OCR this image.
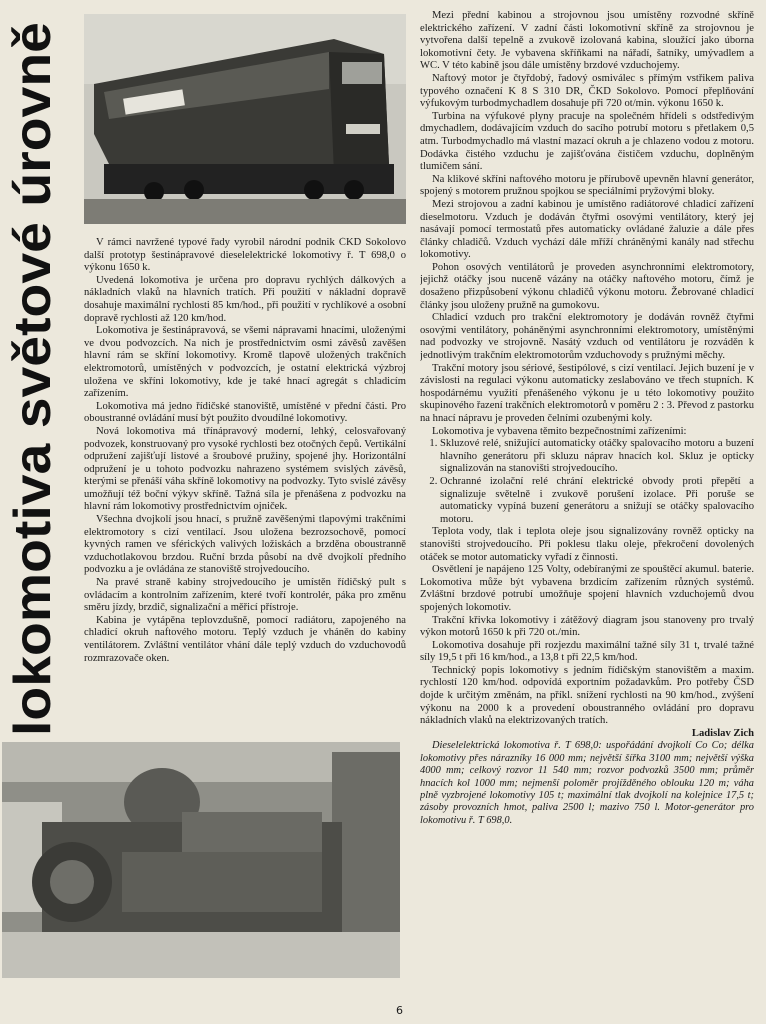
lokomotiva světové úrovně	V rámci navržené typové řady vyrobil národní podnik ČKD Sokolovo další prototyp šestinápravové dieselelektrické lokomotivy ř. T 698,0 o výkonu 1650 k.

Uvedená lokomotiva je určena pro dopravu rychlých dálkových a nákladních vlaků na hlavních tratích. Při použití v nákladní dopravě dosahuje maximální rychlosti 85 km/hod., při použití v rychlíkové a osobní dopravě rychlosti až 120 km/hod.

Lokomotiva je šestinápravová, se všemi nápravami hnacími, uloženými ve dvou podvozcích. Na nich je prostřednictvím osmi závěsů zavěšen hlavní rám se skříní lokomotivy. Kromě tlapově uložených trakčních elektromotorů, umístěných v podvozcích, je ostatní elektrická výzbroj uložena ve skříni lokomotivy, kde je také hnací agregát s chladicím zařízením.

Lokomotiva má jedno řídičské stanoviště, umístěné v přední části. Pro oboustranné ovládání musí být použito dvoudílné lokomotivy.

Nová lokomotiva má třínápravový moderní, lehký, celosvařovaný podvozek, konstruovaný pro vysoké rychlosti bez otočných čepů. Vertikální odpružení zajišťují listové a šroubové pružiny, spojené jhy. Horizontální odpružení je u tohoto podvozku nahrazeno systémem svislých závěsů, kterými se přenáší váha skříně lokomotivy na podvozky. Tyto svislé závěsy umožňují též boční výkyv skříně. Tažná síla je přenášena z podvozku na hlavní rám lokomotivy prostřednictvím ojniček.

Všechna dvojkolí jsou hnací, s pružně zavěšenými tlapovými trakčními elektromotory s cizí ventilací. Jsou uložena bezrozsochově, pomocí kyvných ramen ve sférických valivých ložiskách a brzděna oboustranně vzduchotlakovou brzdou. Ruční brzda působí na dvě dvojkolí předního podvozku a je ovládána ze stanoviště strojvedoucího.

Na pravé straně kabiny strojvedoucího je umístěn řídičský pult s ovládacím a kontrolním zařízením, které tvoří kontrolér, páka pro změnu směru jízdy, brzdič, signalizační a měřicí přístroje.

Kabina je vytápěna teplovzdušně, pomocí radiátoru, zapojeného na chladicí okruh naftového motoru. Teplý vzduch je vháněn do kabiny ventilátorem. Zvláštní ventilátor vhání dále teplý vzduch do vzduchovodů rozmrazovače oken.

Mezi přední kabinou a strojovnou jsou umístěny rozvodné skříně elektrického zařízení. V zadní části lokomotivní skříně za strojovnou je vytvořena další tepelně a zvukově izolovaná kabina, sloužící jako úborna lokomotivní čety. Je vybavena skříňkami na nářadí, šatníky, umývadlem a WC. V této kabině jsou dále umístěny brzdové vzduchojemy.

Naftový motor je čtyřdobý, řadový osmiválec s přímým vstřikem paliva typového označení K 8 S 310 DR, ČKD Sokolovo. Pomocí přeplňování výfukovým turbodmychadlem dosahuje při 720 ot/min. výkonu 1650 k.

Turbina na výfukové plyny pracuje na společném hřídeli s odstředivým dmychadlem, dodávajícím vzduch do sacího potrubí motoru s přetlakem 0,5 atm. Turbodmychadlo má vlastní mazací okruh a je chlazeno vodou z motoru. Dodávka čistého vzduchu je zajišťována čističem vzduchu, doplněným tlumičem sání.

Na klikové skříni naftového motoru je přírubově upevněn hlavní generátor, spojený s motorem pružnou spojkou se speciálními pryžovými bloky.

Mezi strojovou a zadní kabinou je umístěno radiátorové chladicí zařízení dieselmotoru. Vzduch je dodáván čtyřmi osovými ventilátory, který jej nasávají pomocí termostatů přes automaticky ovládané žaluzie a dále přes články chladičů. Vzduch vychází dále mříží chráněnými kanály nad střechu lokomotivy.

Pohon osových ventilátorů je proveden asynchronními elektromotory, jejichž otáčky jsou nuceně vázány na otáčky naftového motoru, čímž je dosaženo přizpůsobení výkonu chladičů výkonu motoru. Žebrované chladicí články jsou uloženy pružně na gumokovu.

Chladicí vzduch pro trakční elektromotory je dodáván rovněž čtyřmi osovými ventilátory, poháněnými asynchronními elektromotory, umístěnými nad podvozky ve strojovně. Nasátý vzduch od ventilátoru je rozváděn k jednotlivým trakčním elektromotorům vzduchovody s pružnými měchy.

Trakční motory jsou sériové, šestipólové, s cizí ventilací. Jejich buzení je v závislosti na regulaci výkonu automaticky zeslabováno ve třech stupních. K hospodárnému využití přenášeného výkonu je u této lokomotivy použito skupinového řazení trakčních elektromotorů v poměru 2 : 3. Převod z pastorku na hnací nápravu je proveden čelními ozubenými koly.

Lokomotiva je vybavena těmito bezpečnostními zařízeními:

1. Skluzové relé, snižující automaticky otáčky spalovacího motoru a buzení hlavního generátoru při skluzu náprav hnacích kol. Skluz je opticky signalizován na stanovišti strojvedoucího.
2. Ochranné izolační relé chrání elektrické obvody proti přepětí a signalizuje světelně i zvukově porušení izolace. Při poruše se automaticky vypíná buzení generátoru a snižují se otáčky spalovacího motoru.

Teplota vody, tlak i teplota oleje jsou signalizovány rovněž opticky na stanovišti strojvedoucího. Při poklesu tlaku oleje, překročení dovolených otáček se motor automaticky vyřadí z činnosti.

Osvětlení je napájeno 125 Volty, odebíranými ze spouštěcí akumul. baterie. Lokomotiva může být vybavena brzdicím zařízením různých systémů. Zvláštní brzdové potrubí umožňuje spojení hlavních vzduchojemů dvou spojených lokomotiv.

Trakční křivka lokomotivy i zátěžový diagram jsou stanoveny pro trvalý výkon motorů 1650 k při 720 ot./min.

Lokomotiva dosahuje při rozjezdu maximální tažné síly 31 t, trvalé tažné síly 19,5 t při 16 km/hod., a 13,8 t při 22,5 km/hod.

Technický popis lokomotivy s jedním řídičským stanovištěm a maxim. rychlostí 120 km/hod. odpovídá exportním požadavkům. Pro potřeby ČSD dojde k určitým změnám, na příkl. snížení rychlosti na 90 km/hod., zvýšení výkonu na 2000 k a provedení oboustranného ovládání pro dopravu nákladních vlaků na elektrizovaných tratích.

Ladislav Zich

Dieselelektrická lokomotiva ř. T 698,0: uspořádání dvojkolí Co Co; délka lokomotivy přes nárazníky 16 000 mm; největší šířka 3100 mm; největší výška 4000 mm; celkový rozvor 11 540 mm; rozvor podvozků 3500 mm; průměr hnacích kol 1000 mm; nejmenší poloměr projížděného oblouku 120 m; váha plně vyzbrojené lokomotivy 105 t; maximální tlak dvojkolí na kolejnice 17,5 t; zásoby provozních hmot, paliva 2500 l; mazivo 750 l. Motor-generátor pro lokomotivu ř. T 698,0.

6
